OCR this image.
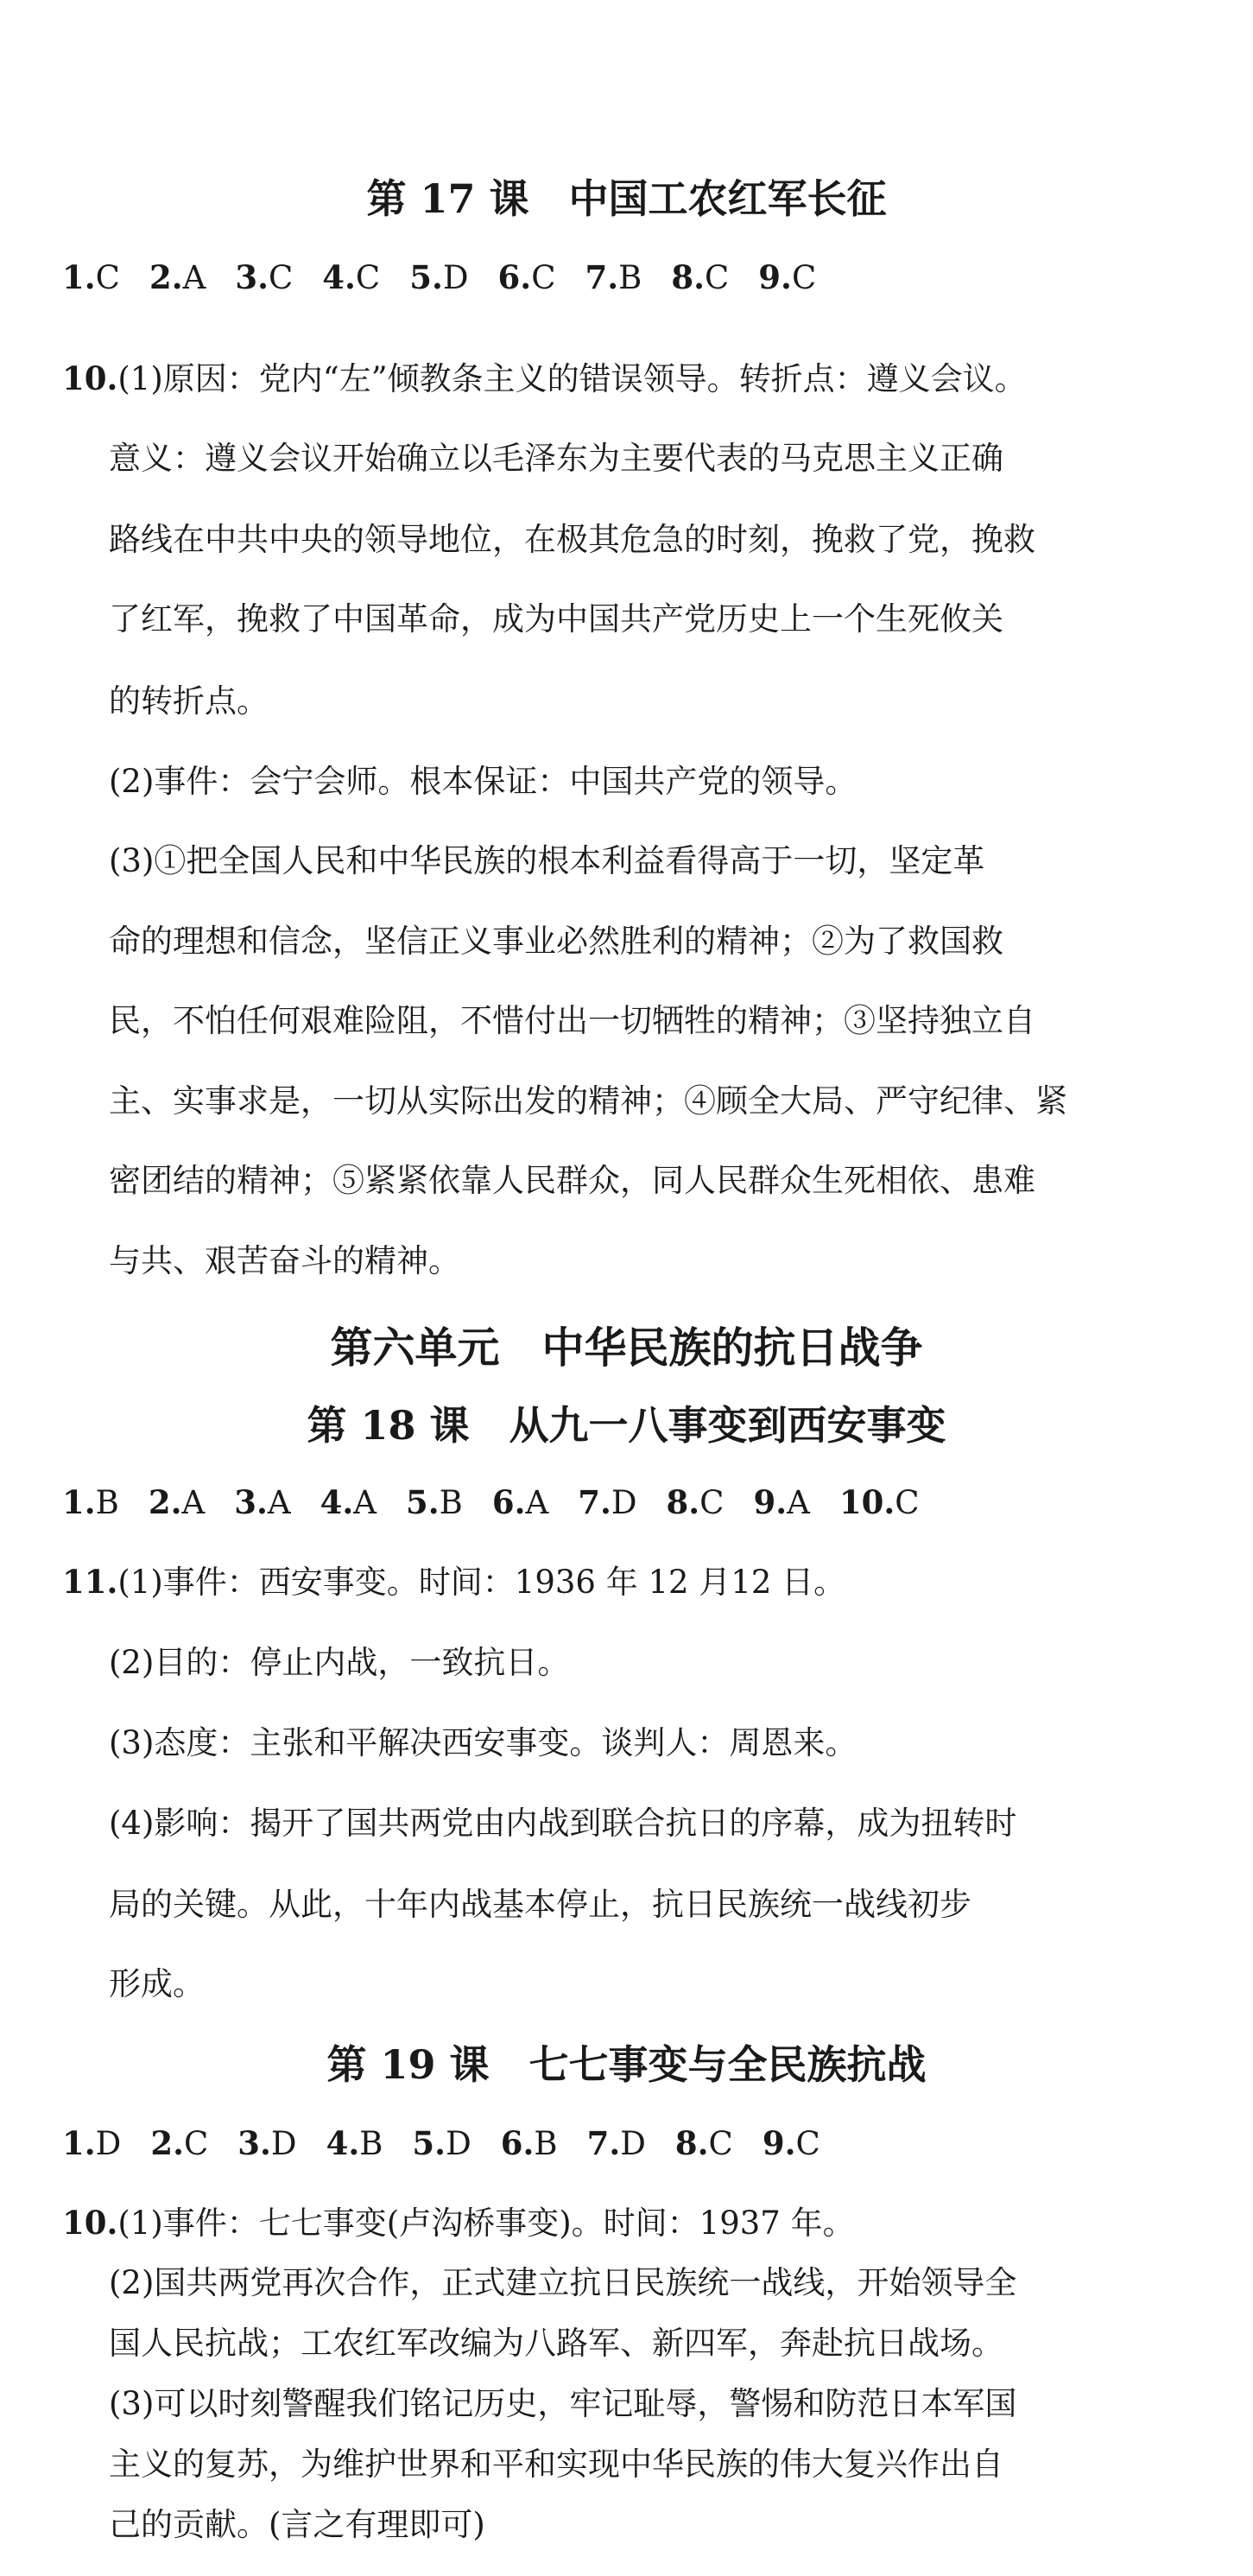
第 17 课　中国工农红军长征
1.C 2.A 3.C 4.C 5.D 6.C 7.B 8.C 9.C
10.(1)原因：党内“左”倾教条主义的错误领导。转折点：遵义会议。
意义：遵义会议开始确立以毛泽东为主要代表的马克思主义正确
路线在中共中央的领导地位，在极其危急的时刻，挽救了党，挽救
了红军，挽救了中国革命，成为中国共产党历史上一个生死攸关
的转折点。
(2)事件：会宁会师。根本保证：中国共产党的领导。
(3)①把全国人民和中华民族的根本利益看得高于一切，坚定革
命的理想和信念，坚信正义事业必然胜利的精神；②为了救国救
民，不怕任何艰难险阻，不惜付出一切牺牲的精神；③坚持独立自
主、实事求是，一切从实际出发的精神；④顾全大局、严守纪律、紧
密团结的精神；⑤紧紧依靠人民群众，同人民群众生死相依、患难
与共、艰苦奋斗的精神。
第六单元　中华民族的抗日战争
第 18 课　从九一八事变到西安事变
1.B 2.A 3.A 4.A 5.B 6.A 7.D 8.C 9.A 10.C
11.(1)事件：西安事变。时间：1936 年 12 月12 日。
(2)目的：停止内战，一致抗日。
(3)态度：主张和平解决西安事变。谈判人：周恩来。
(4)影响：揭开了国共两党由内战到联合抗日的序幕，成为扭转时
局的关键。从此，十年内战基本停止，抗日民族统一战线初步
形成。
第 19 课　七七事变与全民族抗战
1.D 2.C 3.D 4.B 5.D 6.B 7.D 8.C 9.C
10.(1)事件：七七事变(卢沟桥事变)。时间：1937 年。
(2)国共两党再次合作，正式建立抗日民族统一战线，开始领导全
国人民抗战；工农红军改编为八路军、新四军，奔赴抗日战场。
(3)可以时刻警醒我们铭记历史，牢记耻辱，警惕和防范日本军国
主义的复苏，为维护世界和平和实现中华民族的伟大复兴作出自
己的贡献。(言之有理即可)
